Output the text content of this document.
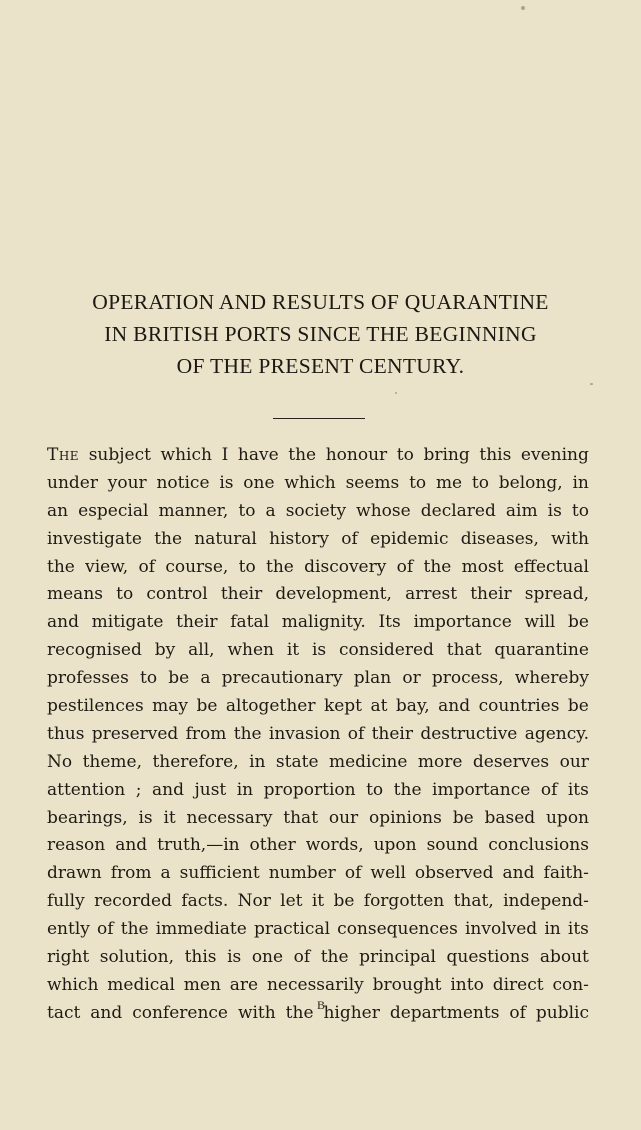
OPERATION AND RESULTS OF QUARANTINE
IN BRITISH PORTS SINCE THE BEGINNING
OF THE PRESENT CENTURY.
The subject which I have the honour to bring this evening
under your notice is one which seems to me to belong, in
an especial manner, to a society whose declared aim is to
investigate the natural history of epidemic diseases, with
the view, of course, to the discovery of the most effectual
means to control their development, arrest their spread,
and mitigate their fatal malignity. Its importance will be
recognised by all, when it is considered that quarantine
professes to be a precautionary plan or process, whereby
pestilences may be altogether kept at bay, and countries be
thus preserved from the invasion of their destructive agency.
No theme, therefore, in state medicine more deserves our
attention ; and just in proportion to the importance of its
bearings, is it necessary that our opinions be based upon
reason and truth,—in other words, upon sound conclusions
drawn from a sufficient number of well observed and faith-
fully recorded facts. Nor let it be forgotten that, independ-
ently of the immediate practical consequences involved in its
right solution, this is one of the principal questions about
which medical men are necessarily brought into direct con-
tact and conference with the higher departments of public
B
